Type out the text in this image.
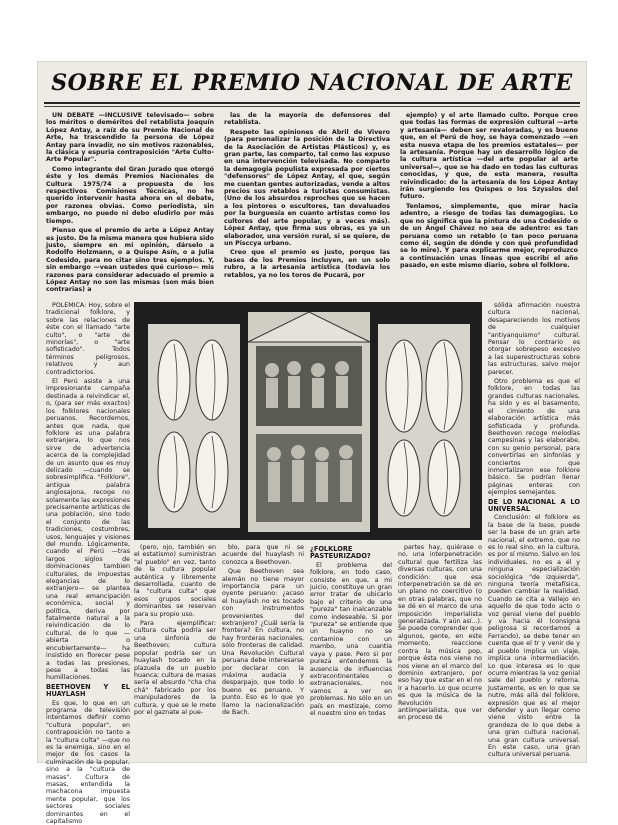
SOBRE EL PREMIO NACIONAL DE ARTE

UN DEBATE —INCLUSIVE televisado— sobre los méritos o deméritos del retablista Joaquín López Antay, a raíz de su Premio Nacional de Arte, ha trascendido la persona de López Antay para invadir, no sin motivos razonables, la clásica y espuria contraposición "Arte Culto-Arte Popular".

Como integrante del Gran Jurado que otorgó éste y los demás Premios Nacionales de Cultura 1975/74 a propuesta de los respectivos Comisiones Técnicas, no he querido intervenir hasta ahora en el debate, por razones obvias. Como periodista, sin embargo, no puedo ni debo eludirlo por más tiempo.

Pienso que el premio de arte a López Antay es justo. De la misma manera que hubiera sido justo, siempre en mi opinión, dárselo a Rodolfo Holzmann, o a Quispe Asín, o a Julia Codesido, para no citar sino tres ejemplos. Y, sin embargo —vean ustedes qué curioso— mis razones para considerar adecuado el premio a López Antay no son las mismas (son más bien contrarias) a

las de la mayoría de defensores del retablista.

Respeto las opiniones de Abril de Vivero (para personalizar la posición de la Directiva de la Asociación de Artistas Plásticos) y, es gran parte, las comparto, tal como las expuso en una intervención televisada. No comparto la demagogia populista expresada por ciertos "defensores" de López Antay, el que, según me cuentan gentes autorizadas, vende a altos precios sus retablos a turistas consumistas. (Uno de los absurdos reproches que se hacen a los pintores o escultores, tan devaluados por la burguesía en cuanto artistas como los cultores del arte popular, y a veces más). López Antay, que firma sus obras, es ya un elaborador, una versión rural, si se quiere, de un Pisccya urbano.

Creo que el premio es justo, porque las bases de los Premios incluyen, en un solo rubro, a la artesanía artística (todavía los retablos, ya no los toros de Pucará, por

ejemplo) y el arte llamado culto. Porque creo que todas las formas de expresión cultural —arte y artesanía— deben ser revaloradas, y es bueno que, en el Perú de hoy, se haya comenzado —en esta nueva etapa de los premios estatales— por la artesanía. Porque hay un desarrollo lógico de la cultura artística —del arte popular al arte universal—, que se ha dado en todas las culturas conocidas, y que, de esta manera, resulta reivindicado: de la artesanía de los López Antay irán surgiendo los Quispes o los Szysslos del futuro.

Tenlamos, simplemente, que mirar hacia adentro, a riesgo de todas las demagogias. Lo que no significa que la pintura de una Codesido o de un Ángel Chávez no sea de adentro: es tan peruana como un retablo (o tan poco peruana como él, según de dónde y con qué profundidad se lo mire). Y para explicarme mejor, reproduzco a continuación unas líneas que escribí el año pasado, en este mismo diario, sobre el folklore.

POLEMICA: Hoy, sobre el tradicional folklore, y sobre las relaciones de éste con el llamado "arte culto", o "arte de minorías", o "arte sofisticado". Todos términos peligrosos, relativos y aun contradictorios.

El Perú asiste a una impresionante campaña destinada a reivindicar el, o, (para ser más exactos) los folklores nacionales peruanos. Recordemos, antes que nada, que folklore es una palabra extranjera, lo que nos sirve de advertencia acerca de la complejidad de un asunto que es muy delicado —cuando se sobresimplifica. "Folklore", antigua palabra anglosajona, recoge no solamente las expresiones precisamente artísticas de una población, sino todo el conjunto de las tradiciones, costumbres, usos, lenguajes y visiones del mundo. Lógicamente, cuando el Perú —tras largos siglos de dominaciones tambien culturales, de impuestas elegancias de lo extranjero— se plantea una real emancipación económica, social y política, deriva por fatalmente natural a la reivindicación de lo cultural, de lo que —abierta o encubiertamente— ha insistido en florecer pese a todas las presiones, pese a todas las humillaciones.

BEETHOVEN Y EL HUAYLASH

Es que, lo que en un programa de televisión intentamos definir como "cultura popular", en contraposición no tanto a la "cultura culta" —que no es la enemiga, sino en el mejor de los casos la culminación de la popular, sino a la "cultura de masas". Cultura de masas, entendida la machacona impuesta mente popular, que los sectores sociales dominantes en el capitalismo

sólida afirmación nuestra cultura nacional, desapareciendo los motivos de cualquier "antiyanquismo" cultural. Pensar lo contrario es otorgar sobrepeso excesivo a las superestructuras sobre las estructuras, salvo mejor parecer.

Otro problema es que el folklore, en todas las grandes culturas nacionales, ha sido y es el basamento, el cimiento de una elaboración artística más sofisticada y profunda. Beethoven recoge melodías campesinas y las elaborabe, con su genio personal, para convertirlas en sinfonías y conciertos que inmortalizaron ese folklore básico. Se podrían llenar páginas enteras con ejemplos semejantes.

DE LO NACIONAL A LO UNIVERSAL

Conclusión: el folklore es la base de la base, puede ser la base de un gran arte nacional, el extremo, que no es lo real sino, en la cultura, es por sí mismo. Salvo en los individuales, no es a él y ninguna especialización sociológica "de izquierda", ninguna teoría metafísica, pueden cambiar la realidad. Cuando se cita a Vallejo en aquello de que todo acto o voz genial viene del pueblo y va hacia él (consigna peligrosa si recordamos a Ferrando), se debe tener en cuenta que el tr y venir de y al pueblo implica un viaje, implica una intermediación. Lo que interesa es lo que ocurre mientras la voz genial sale del pueblo y retorna. Justamente, es en lo que se nutre, más allá del folklore, expresión que es el mejor defender y aun llegar como viene visto entre la grandeza de lo que debe a una gran cultura nacional, una gran cultura universal. En este caso, una gran cultura universal peruana.

(pero, ojo, también en el estatismo) suministran "al pueblo" en vez, tanto de la cultura popular auténtica y libremente desarrollada, cuanto de la "cultura culta" que esos grupos sociales dominantes se reservan para su propio uso.

Para ejemplificar: cultura culta podría ser una sinfonía de Beethoven; cultura popular podría ser un huaylash tocado en la plazuela de un pueblo huanca; cultura de masas sería el absurdo "cha cha chá" fabricado por los manipuladores de la cultura, y que se le mete por el gaznate al pue-

blo, para que ni se acuerde del huaylash ni conozca a Beethoven.

Que Beethoven sea alemán no tiene mayor importancia para un oyente peruano: ¿acaso el huaylash no es tocado con instrumentos provenientes del extranjero? ¿Cuál sería la frontera? En cultura, no hay fronteras nacionales, sólo fronteras de calidad. Una Revolución Cultural peruana debe interesarse por declarar con la máxima audacia y desparpajo, que todo lo bueno es peruano. Y punto. Eso es lo que yo llamo la nacionalización de Bach.

¿FOLKLORE PASTEURIZADO?

El problema del folklore, en todo caso, consiste en que, a mi juicio, constituye un gran error tratar de ubicarlo bajo el criterio de una "pureza" tan inalcanzable como indeseable. Si por "pureza" se entiende que un huayno no se contamine con un mambo, una cuantia vaya y pase. Pero si por pureza entendemos la ausencia de influencias extracontinentales o extranacionales, nos vamos a ver en problemas. No sólo en un país en mestizaje, como el nuestro sino en todas

partes hay, quiérase o no, una interpenetración cultural que fertiliza las diversas culturas, con una condición: que esa interpenetración se dé en un plano no coercitivo (o en otras palabras, que no se dé en el marco de una imposición imperialista generalizada. Y aún así...). Se puede comprender que algunos, gente, en este momento, reaccione contra la música pop, porque ésta nos viene no nos viene en el marco del dominio extranjero, por eso hay que estar en el no ir a hacerlo. Lo que ocurre es que la música de la Revolución antiimperialista, que ver en proceso de
